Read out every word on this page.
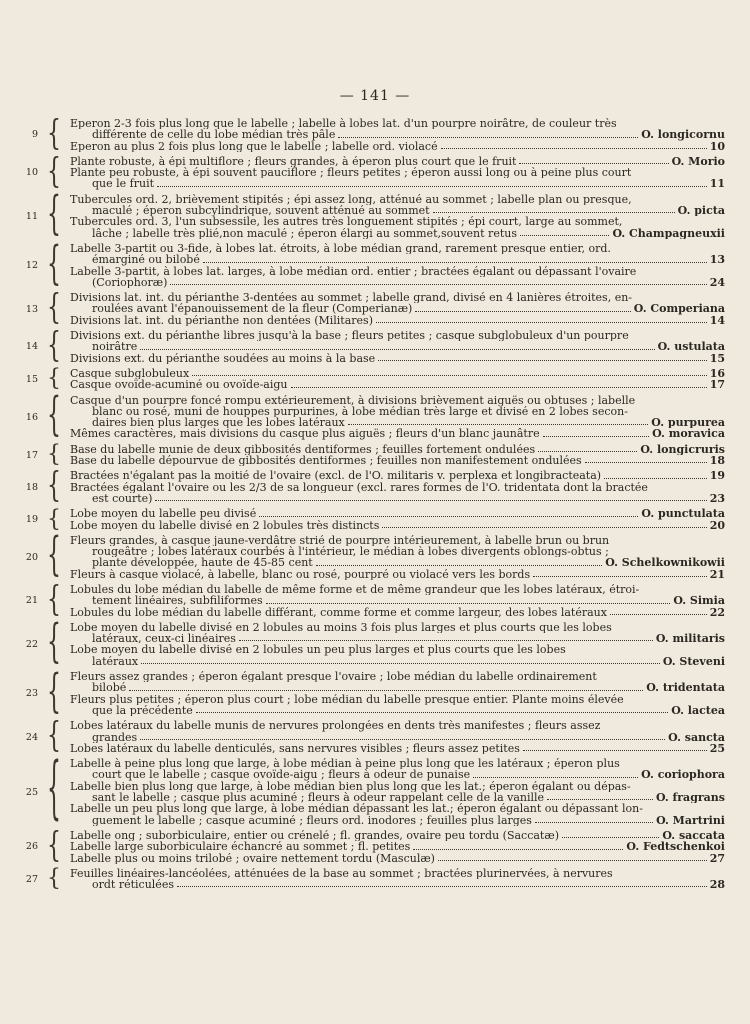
— 141 —
9 { Eperon 2-3 fois plus long que le labelle ; labelle à lobes lat. d'un pourpre noirâtre, de couleur très
différente de celle du lobe médian très pâle	O. longicornu
Eperon au plus 2 fois plus long que le labelle ; labelle ord. violacé	10
10 { Plante robuste, à épi multiflore ; fleurs grandes, à éperon plus court que le fruit	O. Morio
Plante peu robuste, à épi souvent pauciflore ; fleurs petites ; éperon aussi long ou à peine plus court
que le fruit	11
11 { Tubercules ord. 2, brièvement stipités ; épi assez long, atténué au sommet ; labelle plan ou presque,
maculé ; éperon subcylindrique, souvent atténué au sommet	O. picta
Tubercules ord. 3, l'un subsessile, les autres très longuement stipités ; épi court, large au sommet,
lâche ; labelle très plié,non maculé ; éperon élargi au sommet,souvent retus	O. Champagneuxii
12 { Labelle 3-partit ou 3-fide, à lobes lat. étroits, à lobe médian grand, rarement presque entier, ord.
émarginé ou bilobé	13
Labelle 3-partit, à lobes lat. larges, à lobe médian ord. entier ; bractées égalant ou dépassant l'ovaire
(Coriophoræ)	24
13 { Divisions lat. int. du périanthe 3-dentées au sommet ; labelle grand, divisé en 4 lanières étroites, en-
roulées avant l'épanouissement de la fleur (Comperianæ)	O. Comperiana
Divisions lat. int. du périanthe non dentées (Militares)	14
14 { Divisions ext. du périanthe libres jusqu'à la base ; fleurs petites ; casque subglobuleux d'un pourpre
noirâtre	O. ustulata
Divisions ext. du périanthe soudées au moins à la base	15
15 { Casque subglobuleux	16
Casque ovoïde-acuminé ou ovoïde-aigu	17
16 { Casque d'un pourpre foncé rompu extérieurement, à divisions brièvement aiguës ou obtuses ; labelle
blanc ou rosé, muni de houppes purpurines, à lobe médian très large et divisé en 2 lobes secon-
daires bien plus larges que les lobes latéraux	O. purpurea
Mêmes caractères, mais divisions du casque plus aiguës ; fleurs d'un blanc jaunâtre	O. moravica
17 { Base du labelle munie de deux gibbosités dentiformes ; feuilles fortement ondulées	O. longicruris
Base du labelle dépourvue de gibbosités dentiformes ; feuilles non manifestement ondulées	18
18 { Bractées n'égalant pas la moitié de l'ovaire (excl. de l'O. militaris v. perplexa et longibracteata)	19
Bractées égalant l'ovaire ou les 2/3 de sa longueur (excl. rares formes de l'O. tridentata dont la bractée
est courte)	23
19 { Lobe moyen du labelle peu divisé	O. punctulata
Lobe moyen du labelle divisé en 2 lobules très distincts	20
20 { Fleurs grandes, à casque jaune-verdâtre strié de pourpre intérieurement, à labelle brun ou brun
rougeâtre ; lobes latéraux courbés à l'intérieur, le médian à lobes divergents oblongs-obtus ;
plante développée, haute de 45-85 cent	O. Schelkownikowii
Fleurs à casque violacé, à labelle, blanc ou rosé, pourpré ou violacé vers les bords	21
21 { Lobules du lobe médian du labelle de même forme et de même grandeur que les lobes latéraux, étroi-
tement linéaires, subfiliformes	O. Simia
Lobules du lobe médian du labelle différant, comme forme et comme largeur, des lobes latéraux	22
22 { Lobe moyen du labelle divisé en 2 lobules au moins 3 fois plus larges et plus courts que les lobes
latéraux, ceux-ci linéaires	O. militaris
Lobe moyen du labelle divisé en 2 lobules un peu plus larges et plus courts que les lobes
latéraux	O. Steveni
23 { Fleurs assez grandes ; éperon égalant presque l'ovaire ; lobe médian du labelle ordinairement
bilobé	O. tridentata
Fleurs plus petites ; éperon plus court ; lobe médian du labelle presque entier. Plante moins élevée
que la précédente	O. lactea
24 { Lobes latéraux du labelle munis de nervures prolongées en dents très manifestes ; fleurs assez
grandes	O. sancta
Lobes latéraux du labelle denticulés, sans nervures visibles ; fleurs assez petites	25
25 { Labelle à peine plus long que large, à lobe médian à peine plus long que les latéraux ; éperon plus
court que le labelle ; casque ovoïde-aigu ; fleurs à odeur de punaise	O. coriophora
Labelle bien plus long que large, à lobe médian bien plus long que les lat.; éperon égalant ou dépas-
sant le labelle ; casque plus acuminé ; fleurs à odeur rappelant celle de la vanille	O. fragrans
Labelle un peu plus long que large, à lobe médian dépassant les lat.; éperon égalant ou dépassant lon-
guement le labelle ; casque acuminé ; fleurs ord. inodores ; feuilles plus larges	O. Martrini
26 { Labelle ong ; suborbiculaire, entier ou crénelé ; fl. grandes, ovaire peu tordu (Saccatæ)	O. saccata
Labelle large suborbiculaire échancré au sommet ; fl. petites	O. Fedtschenkoi
Labelle plus ou moins trilobé ; ovaire nettement tordu (Masculæ)	27
27 { Feuilles linéaires-lancéolées, atténuées de la base au sommet ; bractées plurinervées, à nervures
ordt réticulées	28
